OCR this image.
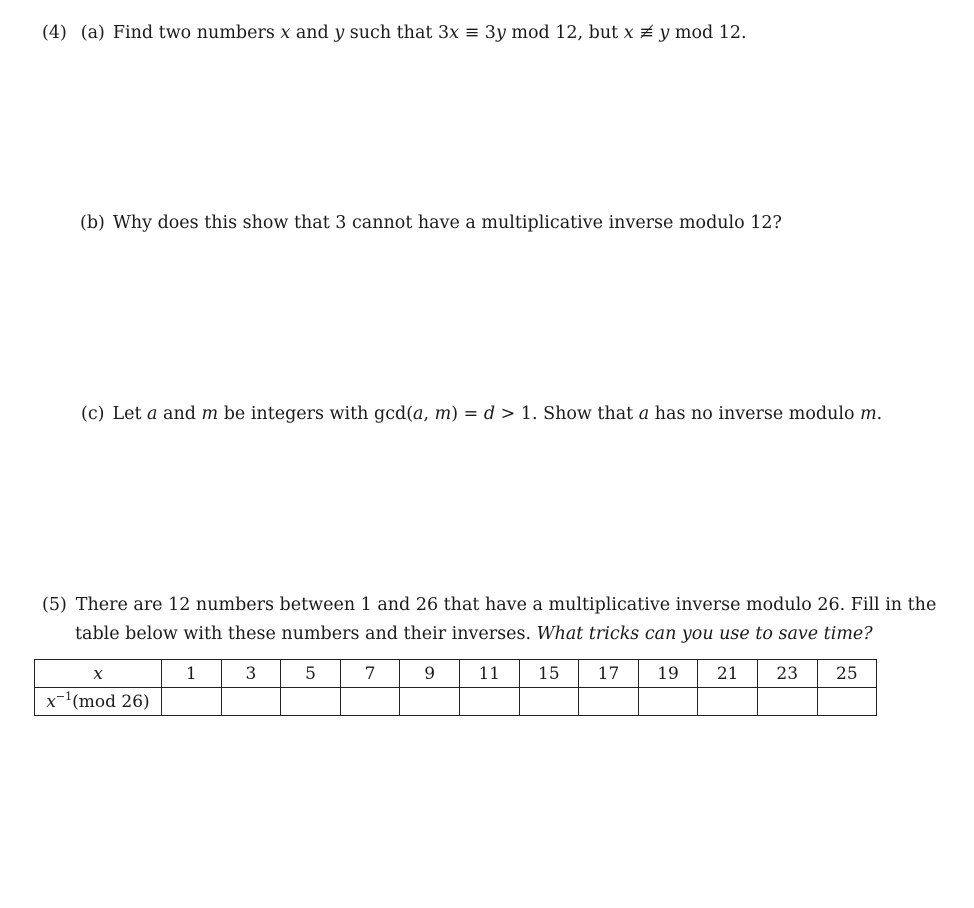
(4) (a) Find two numbers x and y such that 3x ≡ 3y mod 12, but x ≢ y mod 12.
(b) Why does this show that 3 cannot have a multiplicative inverse modulo 12?
(c) Let a and m be integers with gcd(a, m) = d > 1. Show that a has no inverse modulo m.
(5) There are 12 numbers between 1 and 26 that have a multiplicative inverse modulo 26. Fill in the
table below with these numbers and their inverses. What tricks can you use to save time?
x	1	3	5	7	9	11	15	17	19	21	23	25
$x^{-1}(mod$ 26)												
